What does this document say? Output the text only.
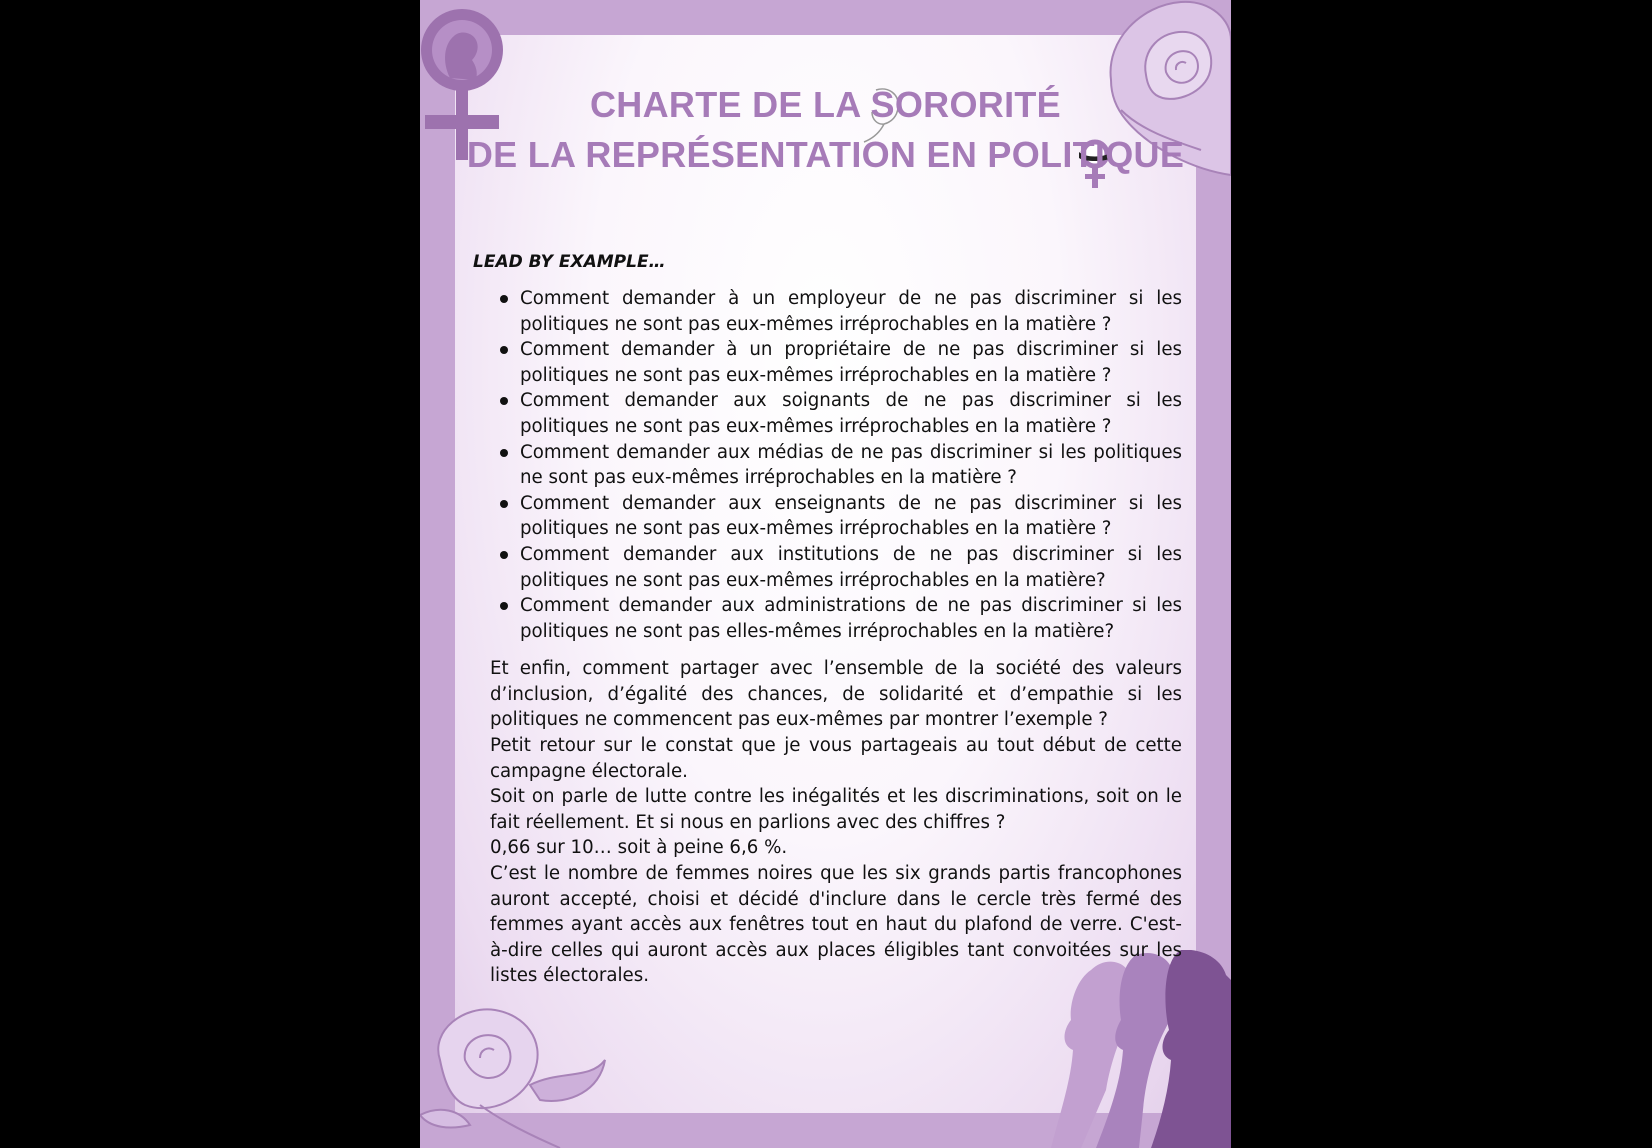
CHARTE DE LA SORORITÉ
DE LA REPRÉSENTATION EN POLITIQUE

LEAD BY EXAMPLE…

Comment demander à un employeur de ne pas discriminer si les politiques ne sont pas eux-mêmes irréprochables en la matière ?
Comment demander à un propriétaire de ne pas discriminer si les politiques ne sont pas eux-mêmes irréprochables en la matière ?
Comment demander aux soignants de ne pas discriminer si les politiques ne sont pas eux-mêmes irréprochables en la matière ?
Comment demander aux médias de ne pas discriminer si les politiques ne sont pas eux-mêmes irréprochables en la matière ?
Comment demander aux enseignants de ne pas discriminer si les politiques ne sont pas eux-mêmes irréprochables en la matière ?
Comment demander aux institutions de ne pas discriminer si les politiques ne sont pas eux-mêmes irréprochables en la matière?
Comment demander aux administrations de ne pas discriminer si les politiques ne sont pas elles-mêmes irréprochables en la matière?

Et enfin, comment partager avec l’ensemble de la société des valeurs d’inclusion, d’égalité des chances, de solidarité et d’empathie si les politiques ne commencent pas eux-mêmes par montrer l’exemple ?

Petit retour sur le constat que je vous partageais au tout début de cette campagne électorale.

Soit on parle de lutte contre les inégalités et les discriminations, soit on le fait réellement. Et si nous en parlions avec des chiffres ?

0,66 sur 10… soit à peine 6,6 %.

C’est le nombre de femmes noires que les six grands partis francophones auront accepté, choisi et décidé d'inclure dans le cercle très fermé des femmes ayant accès aux fenêtres tout en haut du plafond de verre. C'est-à-dire celles qui auront accès aux places éligibles tant convoitées sur les listes électorales.
